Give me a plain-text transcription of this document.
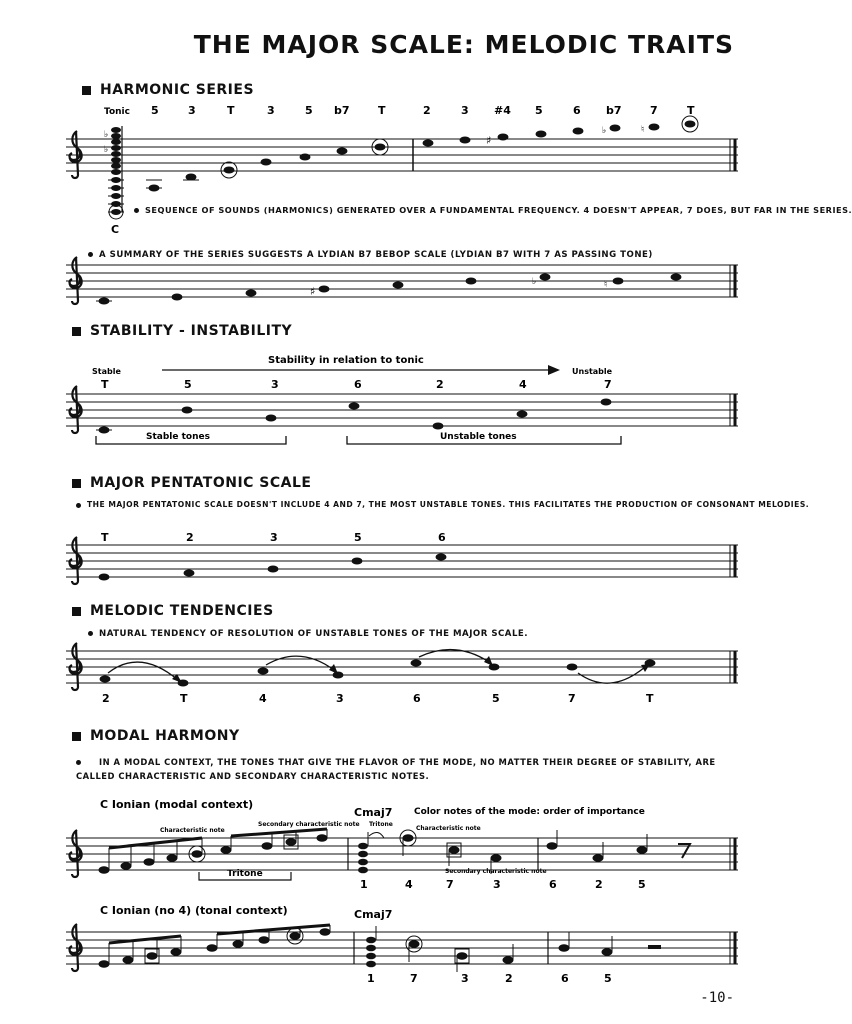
THE MAJOR SCALE: MELODIC TRAITS
HARMONIC SERIES
STABILITY - INSTABILITY
MAJOR PENTATONIC SCALE
MELODIC TENDENCIES
MODAL HARMONY
SEQUENCE OF SOUNDS (HARMONICS) GENERATED OVER A FUNDAMENTAL FREQUENCY. 4 DOESN'T APPEAR, 7 DOES, BUT FAR IN THE SERIES.
A SUMMARY OF THE SERIES SUGGESTS A LYDIAN B7 BEBOP SCALE (LYDIAN B7 WITH 7 AS PASSING TONE)
THE MAJOR PENTATONIC SCALE DOESN'T INCLUDE 4 AND 7, THE MOST UNSTABLE TONES. THIS FACILITATES THE PRODUCTION OF CONSONANT MELODIES.
NATURAL TENDENCY OF RESOLUTION OF UNSTABLE TONES OF THE MAJOR SCALE.
IN A MODAL CONTEXT, THE TONES THAT GIVE THE FLAVOR OF THE MODE, NO MATTER THEIR DEGREE OF STABILITY, ARE CALLED CHARACTERISTIC AND SECONDARY CHARACTERISTIC NOTES.
♭
♭
♯
♭	♮
Tonic 5	3	T	3	5 b7	T	2	3 #4 5	6 b7	7	T
C
♯
♭	♮
Stable	Unstable
Stability in relation to tonic
T	5	3	6	2	4	7
Stable tones	Unstable tones
T	2	3	5	6
2	T	4	3	6	5	7	T
C Ionian (modal context)
Tritone
Cmaj7
Tritone
Color notes of the mode: order of importance
Characteristic note
Secondary characteristic note
Characteristic note
Secondary characteristic note
1	4	7	3	6	2	5
C Ionian (no 4) (tonal context)	Cmaj7
1	7	3	2	6	5
-10-
